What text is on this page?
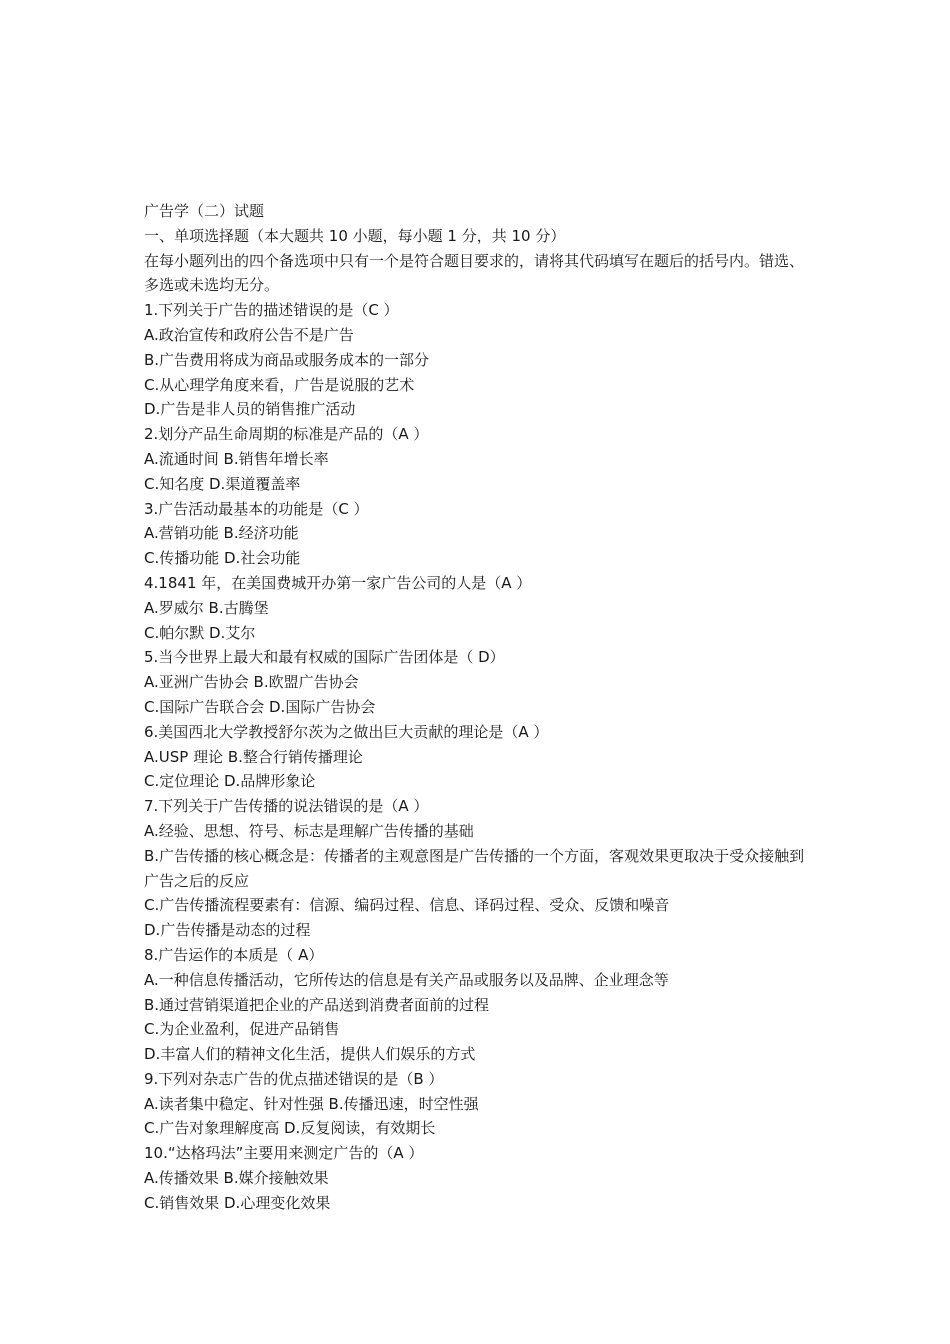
广告学（二）试题

一、单项选择题（本大题共 10 小题，每小题 1 分，共 10 分）

在每小题列出的四个备选项中只有一个是符合题目要求的，请将其代码填写在题后的括号内。错选、多选或未选均无分。

1.下列关于广告的描述错误的是（C ）

A.政治宣传和政府公告不是广告

B.广告费用将成为商品或服务成本的一部分

C.从心理学角度来看，广告是说服的艺术

D.广告是非人员的销售推广活动

2.划分产品生命周期的标准是产品的（A ）

A.流通时间 B.销售年增长率

C.知名度 D.渠道覆盖率

3.广告活动最基本的功能是（C ）

A.营销功能 B.经济功能

C.传播功能 D.社会功能

4.1841 年，在美国费城开办第一家广告公司的人是（A ）

A.罗威尔 B.古腾堡

C.帕尔默 D.艾尔

5.当今世界上最大和最有权威的国际广告团体是（ D）

A.亚洲广告协会 B.欧盟广告协会

C.国际广告联合会 D.国际广告协会

6.美国西北大学教授舒尔茨为之做出巨大贡献的理论是（A ）

A.USP 理论 B.整合行销传播理论

C.定位理论 D.品牌形象论

7.下列关于广告传播的说法错误的是（A ）

A.经验、思想、符号、标志是理解广告传播的基础

B.广告传播的核心概念是：传播者的主观意图是广告传播的一个方面，客观效果更取决于受众接触到广告之后的反应

C.广告传播流程要素有：信源、编码过程、信息、译码过程、受众、反馈和噪音

D.广告传播是动态的过程

8.广告运作的本质是（ A）

A.一种信息传播活动，它所传达的信息是有关产品或服务以及品牌、企业理念等

B.通过营销渠道把企业的产品送到消费者面前的过程

C.为企业盈利，促进产品销售

D.丰富人们的精神文化生活，提供人们娱乐的方式

9.下列对杂志广告的优点描述错误的是（B ）

A.读者集中稳定、针对性强 B.传播迅速，时空性强

C.广告对象理解度高 D.反复阅读，有效期长

10.“达格玛法”主要用来测定广告的（A ）

A.传播效果 B.媒介接触效果

C.销售效果 D.心理变化效果
